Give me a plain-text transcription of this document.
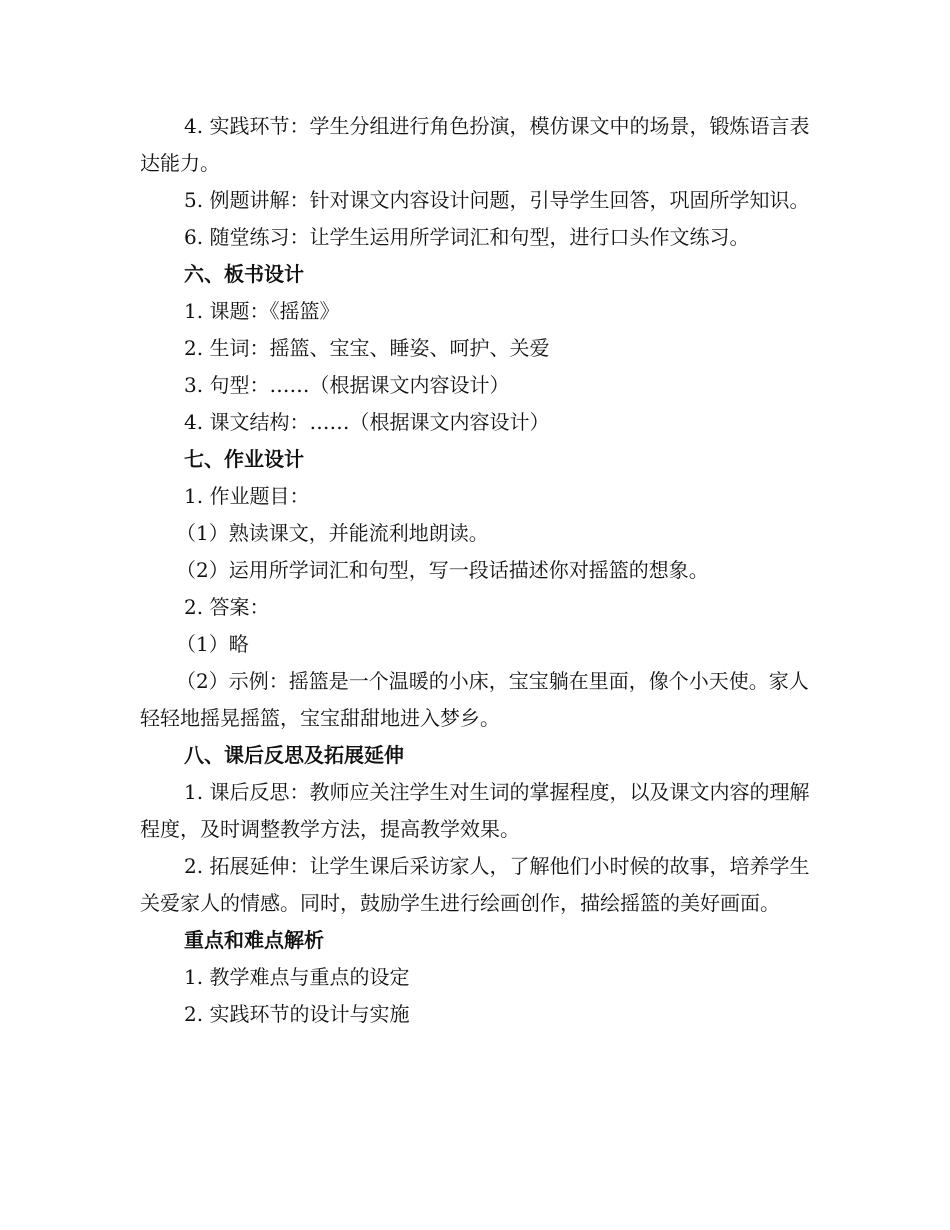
4. 实践环节：学生分组进行角色扮演，模仿课文中的场景，锻炼语言表达能力。

5. 例题讲解：针对课文内容设计问题，引导学生回答，巩固所学知识。

6. 随堂练习：让学生运用所学词汇和句型，进行口头作文练习。

六、板书设计

1. 课题：《摇篮》

2. 生词：摇篮、宝宝、睡姿、呵护、关爱

3. 句型：……（根据课文内容设计）

4. 课文结构：……（根据课文内容设计）

七、作业设计

1. 作业题目：

（1）熟读课文，并能流利地朗读。

（2）运用所学词汇和句型，写一段话描述你对摇篮的想象。

2. 答案：

（1）略

（2）示例：摇篮是一个温暖的小床，宝宝躺在里面，像个小天使。家人轻轻地摇晃摇篮，宝宝甜甜地进入梦乡。

八、课后反思及拓展延伸

1. 课后反思：教师应关注学生对生词的掌握程度，以及课文内容的理解程度，及时调整教学方法，提高教学效果。

2. 拓展延伸：让学生课后采访家人，了解他们小时候的故事，培养学生关爱家人的情感。同时，鼓励学生进行绘画创作，描绘摇篮的美好画面。

重点和难点解析

1. 教学难点与重点的设定

2. 实践环节的设计与实施
